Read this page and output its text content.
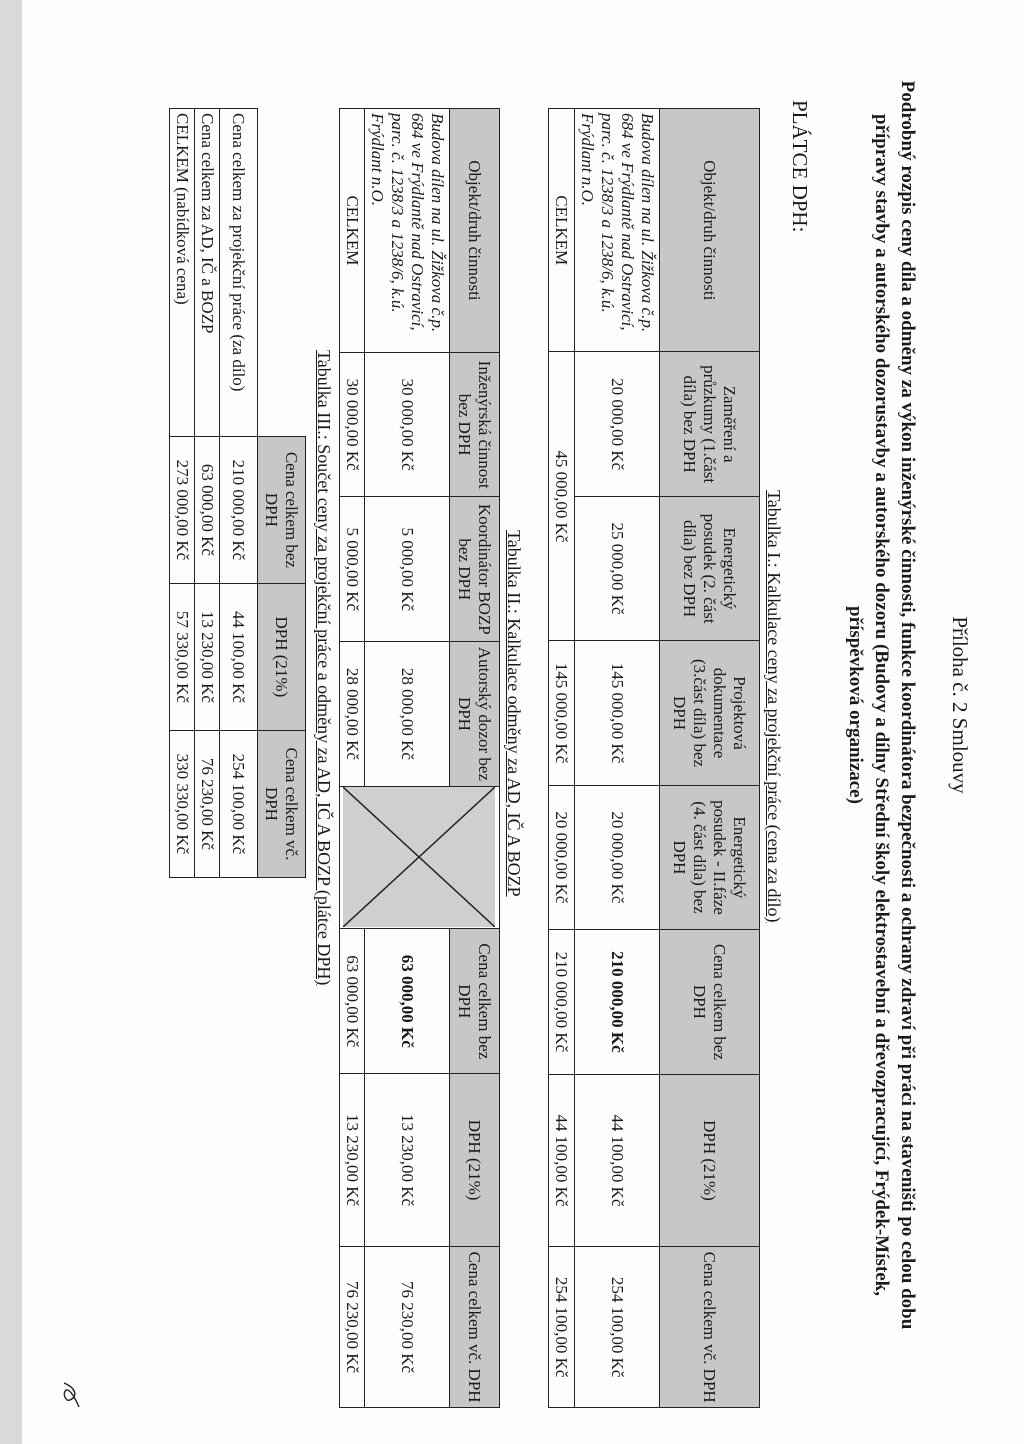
Příloha č. 2 Smlouvy
Podrobný rozpis ceny díla a odměny za výkon inženýrské činnosti, funkce koordinátora bezpečnosti a ochrany zdraví při práci na staveništi po celou dobu
přípravy stavby a autorského dozorustavby a autorského dozoru (Budovy a dílny Střední školy elektrostavební a dřevozpracující, Frýdek-Místek,
příspěvková organizace)
PLÁTCE DPH:
Tabulka I.: Kalkulace ceny za projekční práce (cena za dílo)
Objekt/druh činnosti	Zaměření a průzkumy (1.část díla) bez DPH	Energetický posudek (2. část díla) bez DPH	Projektová dokumentace (3.část díla) bez DPH	Energetický posudek - II.fáze (4. část díla) bez DPH	Cena celkem bez DPH	DPH (21%)	Cena celkem vč. DPH
Budova dílen na ul. Žižkova č.p. 684 ve Frýdlantě nad Ostravicí, parc. č. 1238/3 a 1238/6, k.ú. Frýdlant n.O.	20 000,00 Kč	25 000,00 Kč	145 000,00 Kč	20 000,00 Kč	210 000,00 Kč	44 100,00 Kč	254 100,00 Kč
CELKEM	45 000,00 Kč		145 000,00 Kč	20 000,00 Kč	210 000,00 Kč	44 100,00 Kč	254 100,00 Kč
Tabulka II.: Kalkulace odměny za AD, IČ A BOZP
Objekt/druh činnosti	Inženýrská činnost bez DPH	Koordinátor BOZP bez DPH	Autorský dozor bez DPH		Cena celkem bez DPH	DPH (21%)	Cena celkem vč. DPH
Budova dílen na ul. Žižkova č.p. 684 ve Frýdlantě nad Ostravicí, parc. č. 1238/3 a 1238/6, k.ú. Frýdlant n.O.	30 000,00 Kč	5 000,00 Kč	28 000,00 Kč		63 000,00 Kč	13 230,00 Kč	76 230,00 Kč
CELKEM	30 000,00 Kč	5 000,00 Kč	28 000,00 Kč		63 000,00 Kč	13 230,00 Kč	76 230,00 Kč
Tabulka III.: Součet ceny za projekční práce a odměny za AD, IČ A BOZP (plátce DPH)
	Cena celkem bez DPH	DPH (21%)	Cena celkem vč. DPH
Cena celkem za projekční práce (za dílo)	210 000,00 Kč	44 100,00 Kč	254 100,00 Kč
Cena celkem za AD, IČ a BOZP	63 000,00 Kč	13 230,00 Kč	76 230,00 Kč
CELKEM (nabídková cena)	273 000,00 Kč	57 330,00 Kč	330 330,00 Kč
